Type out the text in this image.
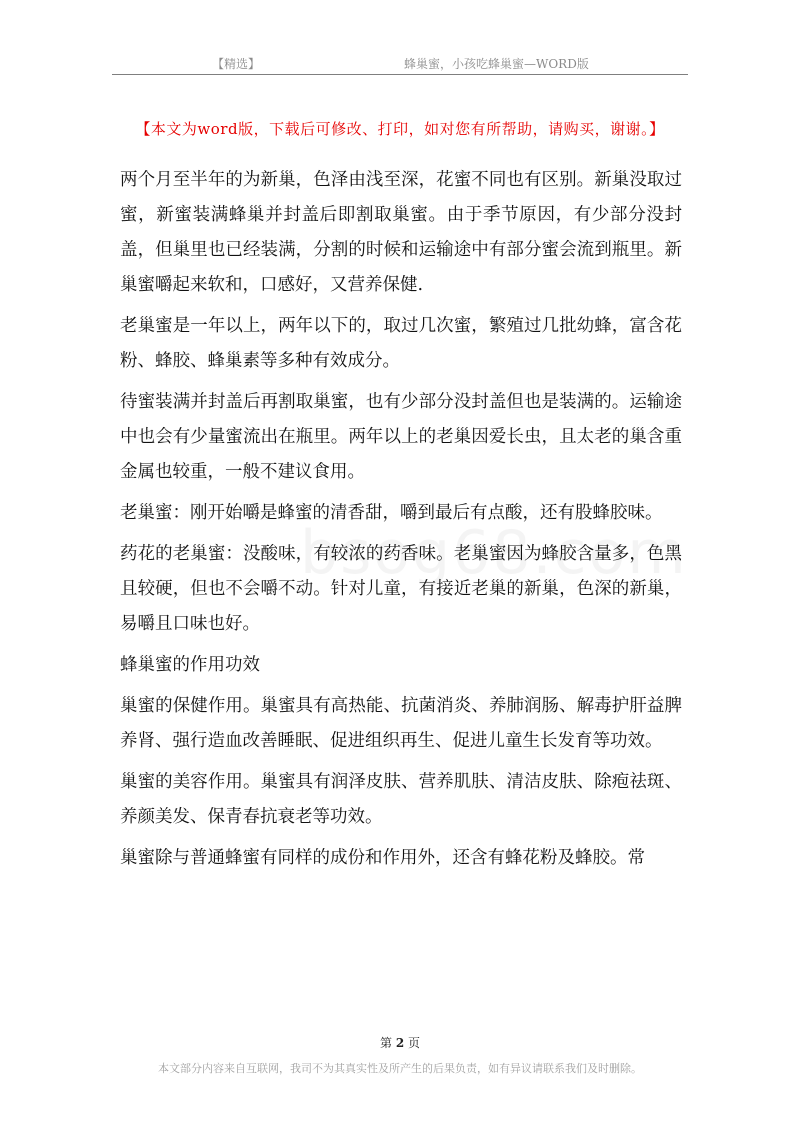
【精选】	蜂巢蜜，小孩吃蜂巢蜜—WORD版
【本文为word版，下载后可修改、打印，如对您有所帮助，请购买，谢谢。】

两个月至半年的为新巢，色泽由浅至深，花蜜不同也有区别。新巢没取过蜜，新蜜装满蜂巢并封盖后即割取巢蜜。由于季节原因，有少部分没封盖，但巢里也已经装满，分割的时候和运输途中有部分蜜会流到瓶里。新巢蜜嚼起来软和，口感好，又营养保健.

老巢蜜是一年以上，两年以下的，取过几次蜜，繁殖过几批幼蜂，富含花粉、蜂胶、蜂巢素等多种有效成分。

待蜜装满并封盖后再割取巢蜜，也有少部分没封盖但也是装满的。运输途中也会有少量蜜流出在瓶里。两年以上的老巢因爱长虫，且太老的巢含重金属也较重，一般不建议食用。

老巢蜜：刚开始嚼是蜂蜜的清香甜，嚼到最后有点酸，还有股蜂胶味。

药花的老巢蜜：没酸味，有较浓的药香味。老巢蜜因为蜂胶含量多，色黑且较硬，但也不会嚼不动。针对儿童，有接近老巢的新巢，色深的新巢，易嚼且口味也好。

蜂巢蜜的作用功效

巢蜜的保健作用。巢蜜具有高热能、抗菌消炎、养肺润肠、解毒护肝益脾养肾、强行造血改善睡眠、促进组织再生、促进儿童生长发育等功效。

巢蜜的美容作用。巢蜜具有润泽皮肤、营养肌肤、清洁皮肤、除疱祛斑、养颜美发、保青春抗衰老等功效。

巢蜜除与普通蜂蜜有同样的成份和作用外，还含有蜂花粉及蜂胶。常

第 2 页
本文部分内容来自互联网，我司不为其真实性及所产生的后果负责，如有异议请联系我们及时删除。
